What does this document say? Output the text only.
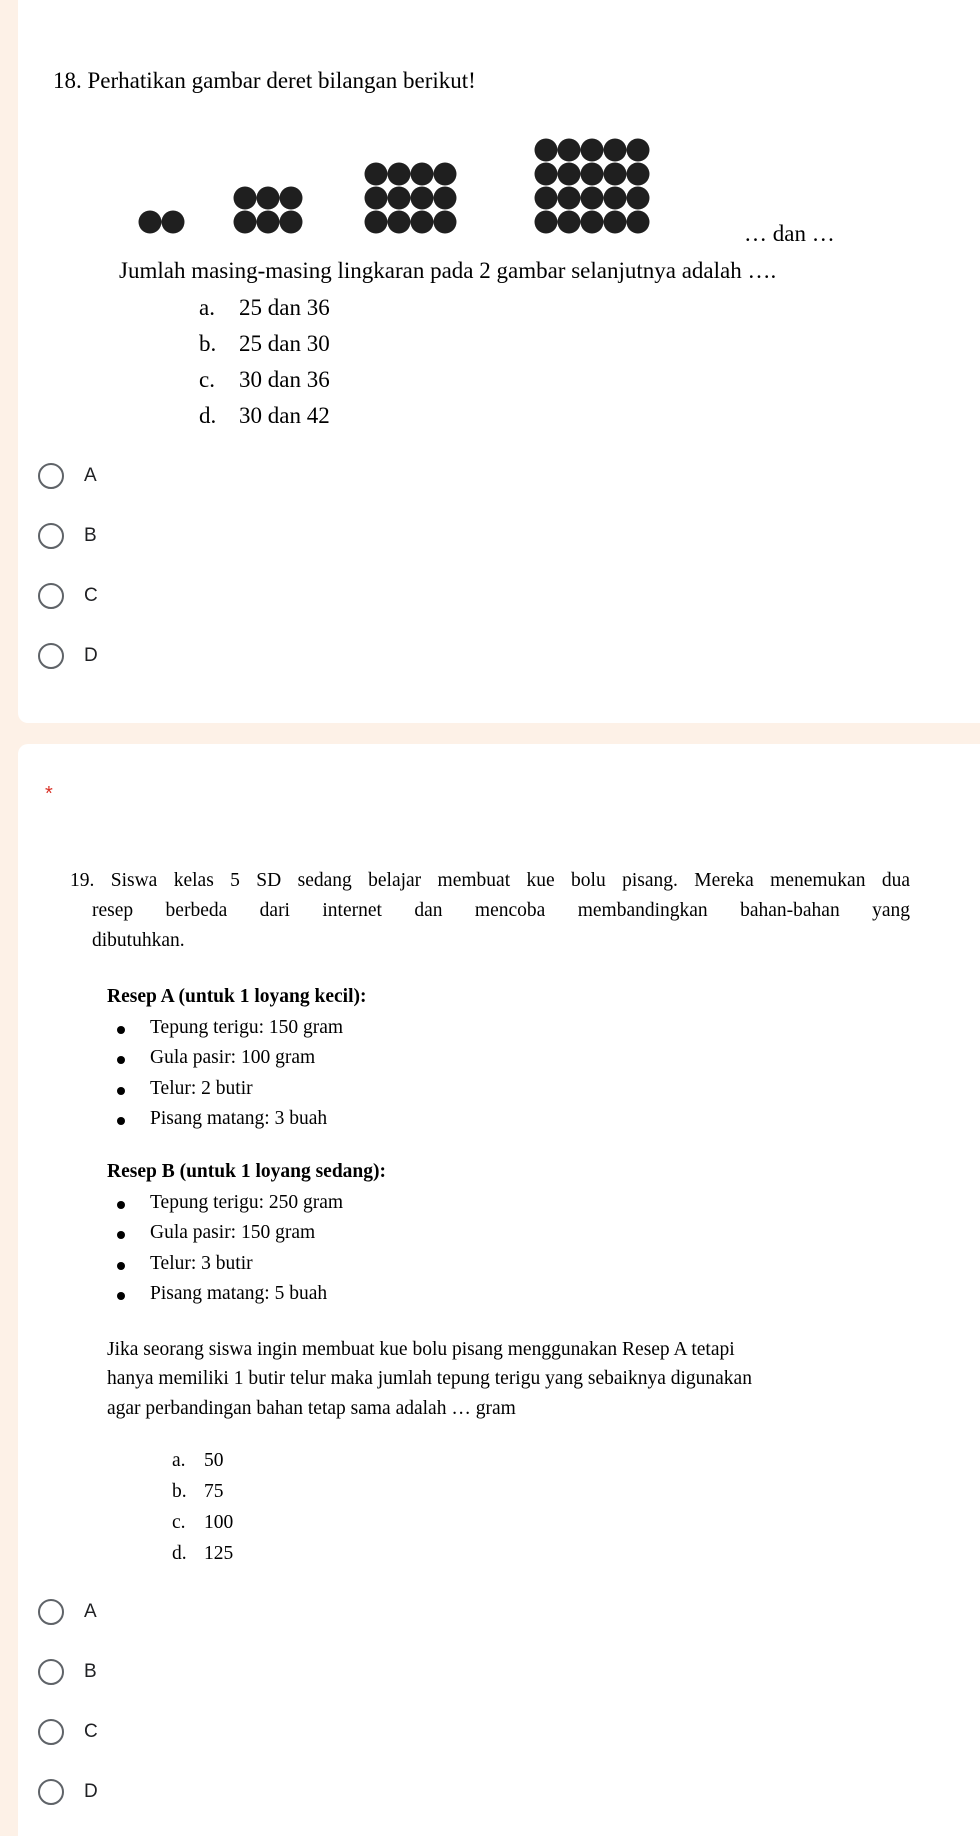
18. Perhatikan gambar deret bilangan berikut!
… dan …
Jumlah masing-masing lingkaran pada 2 gambar selanjutnya adalah ….
a. 25 dan 36
b. 25 dan 30
c. 30 dan 36
d. 30 dan 42
A
B
C
D
*
19. Siswa kelas 5 SD sedang belajar membuat kue bolu pisang. Mereka menemukan dua
resep berbeda dari internet dan mencoba membandingkan bahan-bahan yang
dibutuhkan.
Resep A (untuk 1 loyang kecil):
Tepung terigu: 150 gram
Gula pasir: 100 gram
Telur: 2 butir
Pisang matang: 3 buah
Resep B (untuk 1 loyang sedang):
Tepung terigu: 250 gram
Gula pasir: 150 gram
Telur: 3 butir
Pisang matang: 5 buah
Jika seorang siswa ingin membuat kue bolu pisang menggunakan Resep A tetapi
hanya memiliki 1 butir telur maka jumlah tepung terigu yang sebaiknya digunakan
agar perbandingan bahan tetap sama adalah … gram
a. 50
b. 75
c. 100
d. 125
A
B
C
D
